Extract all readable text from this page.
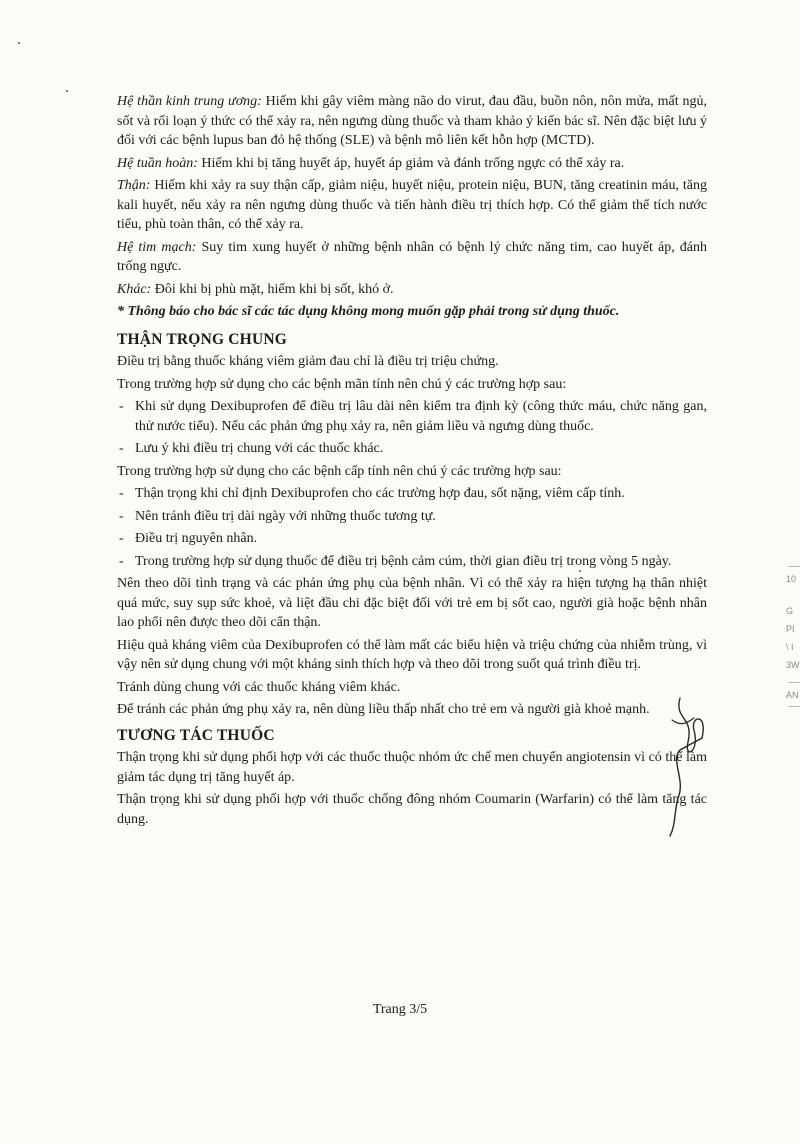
Hệ thần kinh trung ương: Hiếm khi gây viêm màng não do virut, đau đầu, buồn nôn, nôn mửa, mất ngủ, sốt và rối loạn ý thức có thể xảy ra, nên ngưng dùng thuốc và tham khảo ý kiến bác sĩ. Nên đặc biệt lưu ý đối với các bệnh lupus ban đỏ hệ thống (SLE) và bệnh mô liên kết hỗn hợp (MCTD).

Hệ tuần hoàn: Hiếm khi bị tăng huyết áp, huyết áp giảm và đánh trống ngực có thể xảy ra.

Thận: Hiếm khi xảy ra suy thận cấp, giảm niệu, huyết niệu, protein niệu, BUN, tăng creatinin máu, tăng kali huyết, nếu xảy ra nên ngưng dùng thuốc và tiến hành điều trị thích hợp. Có thể giảm thể tích nước tiểu, phù toàn thân, có thể xảy ra.

Hệ tim mạch: Suy tim xung huyết ở những bệnh nhân có bệnh lý chức năng tim, cao huyết áp, đánh trống ngực.

Khác: Đôi khi bị phù mặt, hiếm khi bị sốt, khó ở.

* Thông báo cho bác sĩ các tác dụng không mong muốn gặp phải trong sử dụng thuốc.

THẬN TRỌNG CHUNG

Điều trị bằng thuốc kháng viêm giảm đau chỉ là điều trị triệu chứng.

Trong trường hợp sử dụng cho các bệnh mãn tính nên chú ý các trường hợp sau:

- Khi sử dụng Dexibuprofen để điều trị lâu dài nên kiểm tra định kỳ (công thức máu, chức năng gan, thử nước tiểu). Nếu các phản ứng phụ xảy ra, nên giảm liều và ngưng dùng thuốc.
- Lưu ý khi điều trị chung với các thuốc khác.

Trong trường hợp sử dụng cho các bệnh cấp tính nên chú ý các trường hợp sau:

- Thận trọng khi chỉ định Dexibuprofen cho các trường hợp đau, sốt nặng, viêm cấp tính.
- Nên tránh điều trị dài ngày với những thuốc tương tự.
- Điều trị nguyên nhân.
- Trong trường hợp sử dụng thuốc để điều trị bệnh cảm cúm, thời gian điều trị trong vòng 5 ngày.

Nên theo dõi tình trạng và các phản ứng phụ của bệnh nhân. Vì có thể xảy ra hiện tượng hạ thân nhiệt quá mức, suy sụp sức khoẻ, và liệt đầu chi đặc biệt đối với trẻ em bị sốt cao, người già hoặc bệnh nhân lao phổi nên được theo dõi cẩn thận.

Hiệu quả kháng viêm của Dexibuprofen có thể làm mất các biểu hiện và triệu chứng của nhiễm trùng, vì vậy nên sử dụng chung với một kháng sinh thích hợp và theo dõi trong suốt quá trình điều trị.

Tránh dùng chung với các thuốc kháng viêm khác.

Để tránh các phản ứng phụ xảy ra, nên dùng liều thấp nhất cho trẻ em và người già khoẻ mạnh.

TƯƠNG TÁC THUỐC

Thận trọng khi sử dụng phối hợp với các thuốc thuộc nhóm ức chế men chuyển angiotensin vì có thể làm giảm tác dụng trị tăng huyết áp.

Thận trọng khi sử dụng phối hợp với thuốc chống đông nhóm Coumarin (Warfarin) có thể làm tăng tác dụng.

10
G
PI
\ I
3W
AN
Trang 3/5
